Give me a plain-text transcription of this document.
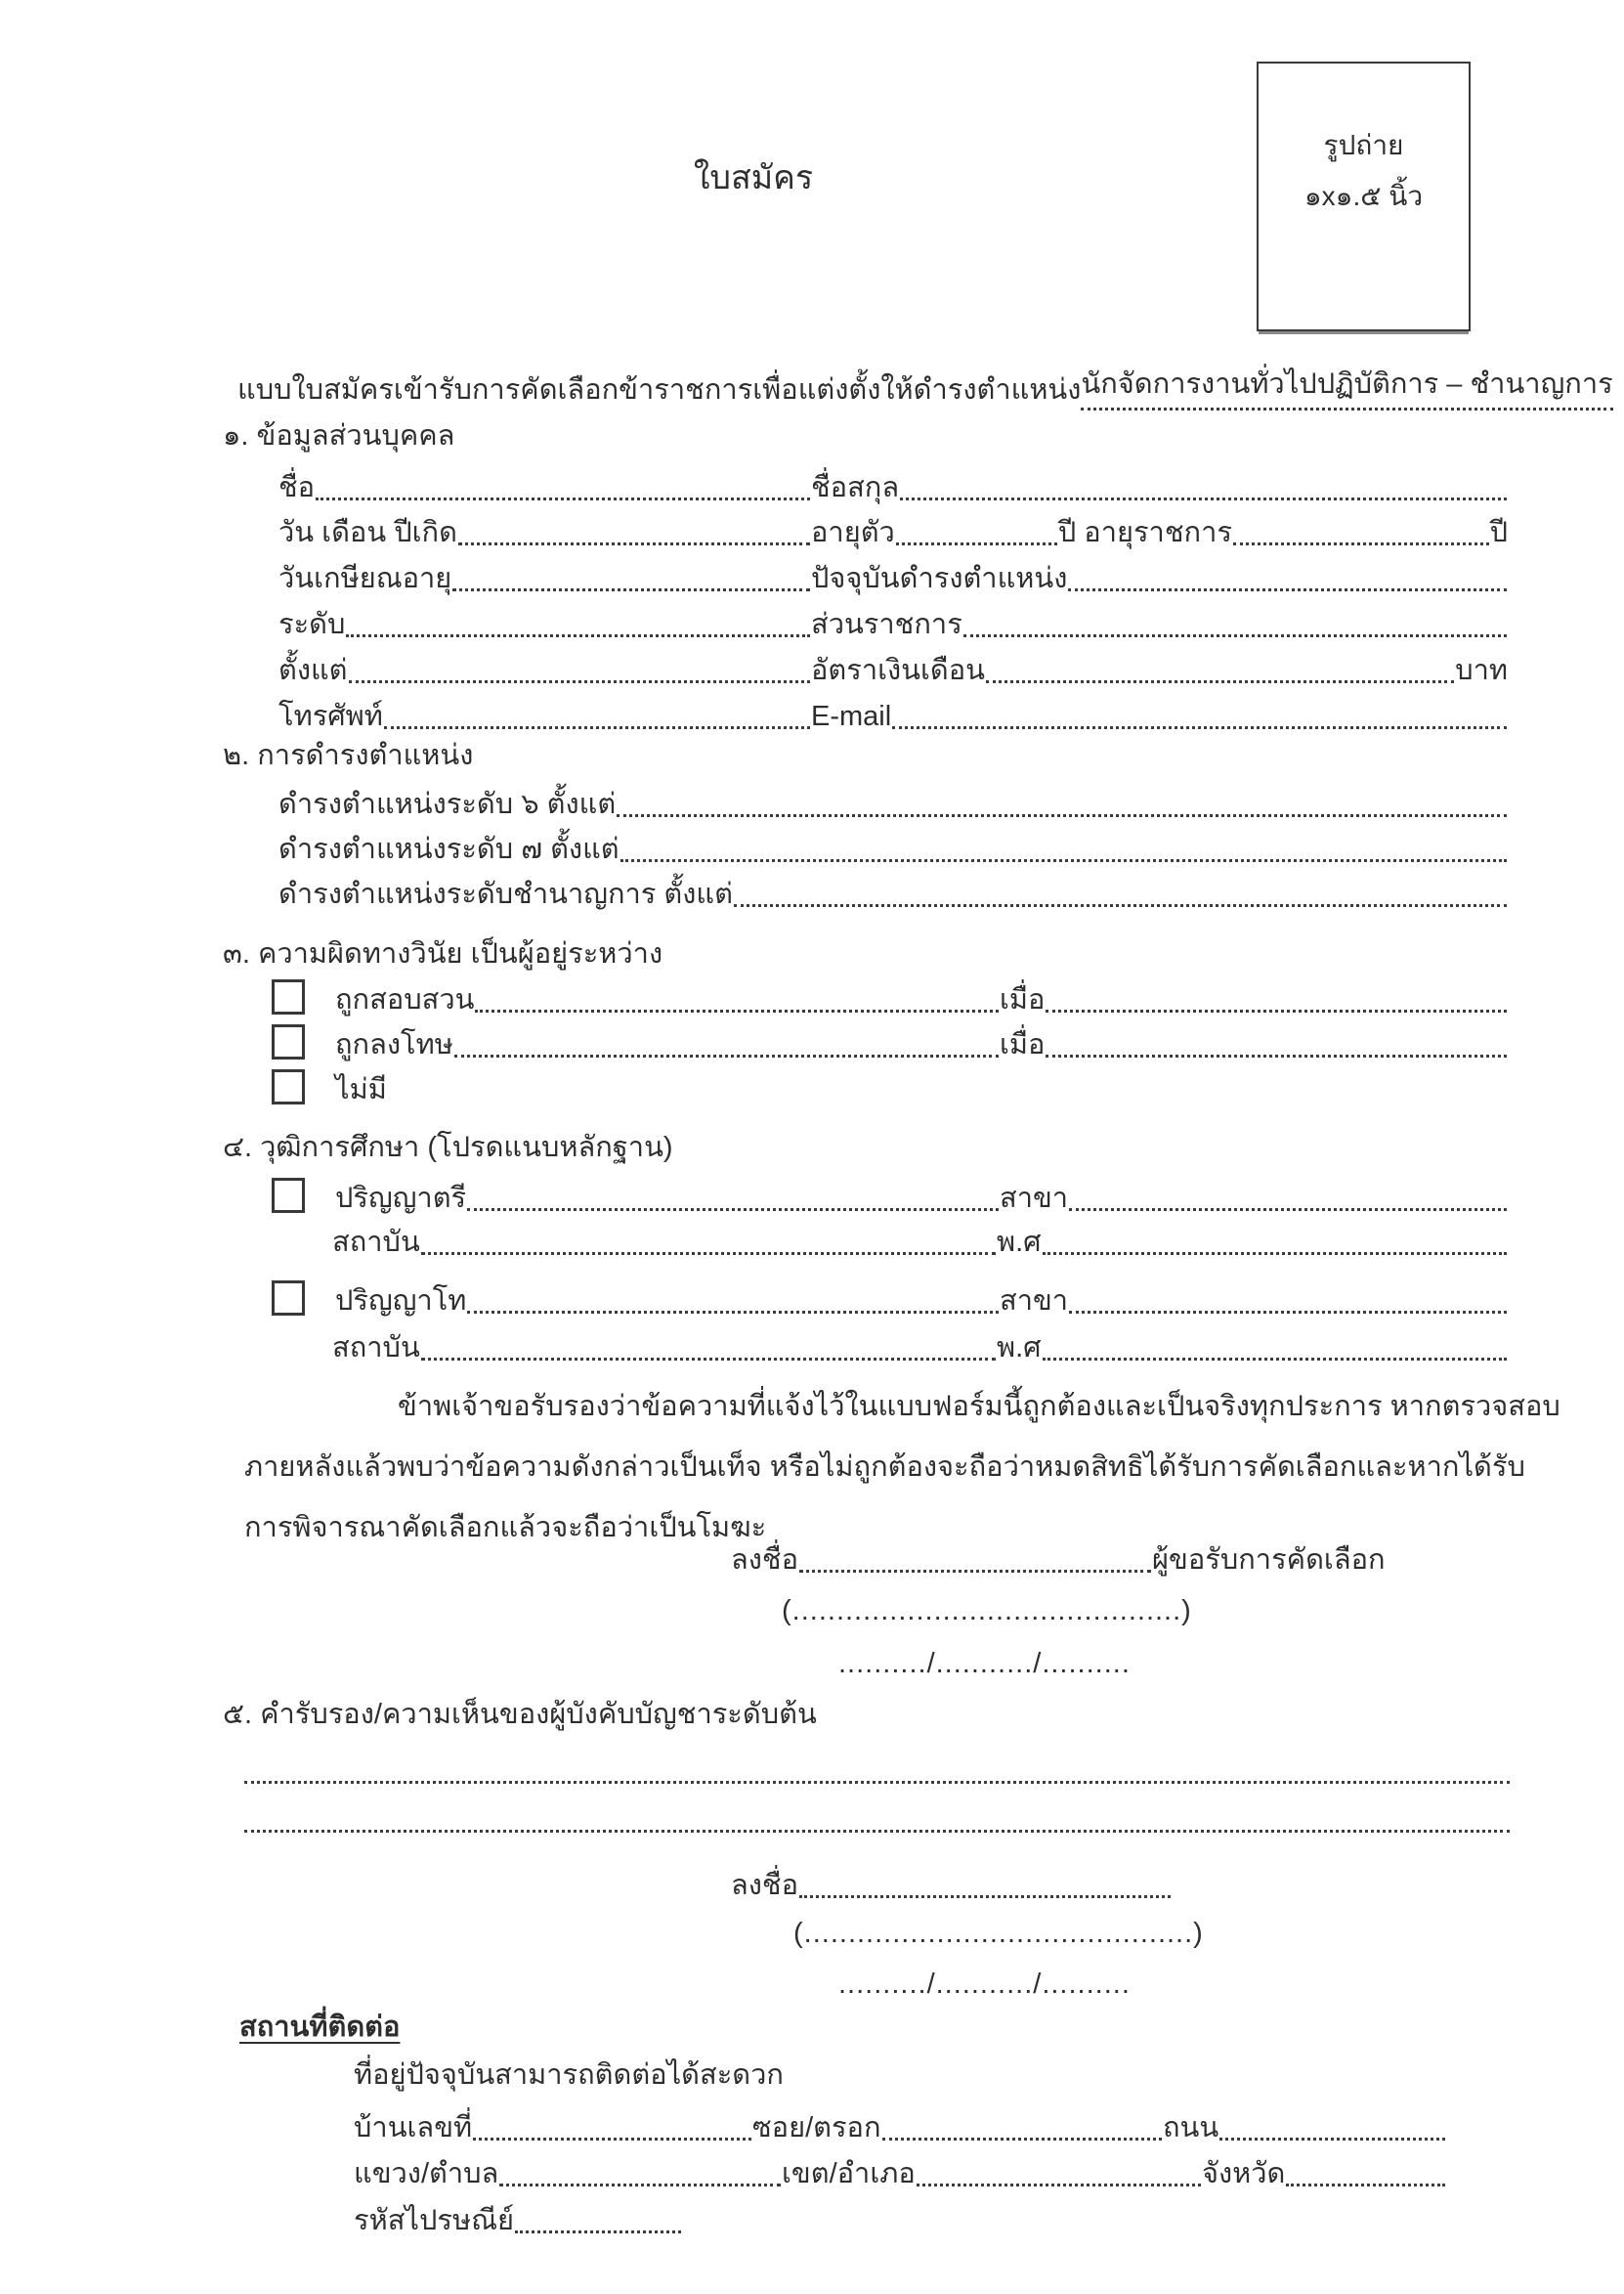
ใบสมัคร
รูปถ่าย
๑x๑.๕ นิ้ว
แบบใบสมัครเข้ารับการคัดเลือกข้าราชการเพื่อแต่งตั้งให้ดำรงตำแหน่ง นักจัดการงานทั่วไปปฏิบัติการ – ชำนาญการ
๑. ข้อมูลส่วนบุคคล
ชื่อ	ชื่อสกุล
วัน เดือน ปีเกิด	อายุตัว	ปี อายุราชการ	ปี
วันเกษียณอายุ	ปัจจุบันดำรงตำแหน่ง
ระดับ	ส่วนราชการ
ตั้งแต่	อัตราเงินเดือน	บาท
โทรศัพท์	E-mail
๒. การดำรงตำแหน่ง
ดำรงตำแหน่งระดับ ๖ ตั้งแต่
ดำรงตำแหน่งระดับ ๗ ตั้งแต่
ดำรงตำแหน่งระดับชำนาญการ ตั้งแต่
๓. ความผิดทางวินัย เป็นผู้อยู่ระหว่าง
ถูกสอบสวน	เมื่อ
ถูกลงโทษ	เมื่อ
ไม่มี
๔. วุฒิการศึกษา (โปรดแนบหลักฐาน)
ปริญญาตรี	สาขา
สถาบัน	พ.ศ
ปริญญาโท	สาขา
สถาบัน	พ.ศ
ข้าพเจ้าขอรับรองว่าข้อความที่แจ้งไว้ในแบบฟอร์มนี้ถูกต้องและเป็นจริงทุกประการ หากตรวจสอบ
ภายหลังแล้วพบว่าข้อความดังกล่าวเป็นเท็จ หรือไม่ถูกต้องจะถือว่าหมดสิทธิได้รับการคัดเลือกและหากได้รับ
การพิจารณาคัดเลือกแล้วจะถือว่าเป็นโมฆะ
ลงชื่อ	ผู้ขอรับการคัดเลือก
(............................................)
........../.........../..........
๕. คำรับรอง/ความเห็นของผู้บังคับบัญชาระดับต้น
ลงชื่อ
(............................................)
........../.........../..........
สถานที่ติดต่อ
ที่อยู่ปัจจุบันสามารถติดต่อได้สะดวก
บ้านเลขที่	ซอย/ตรอก	ถนน
แขวง/ตำบล	เขต/อำเภอ	จังหวัด
รหัสไปรษณีย์
